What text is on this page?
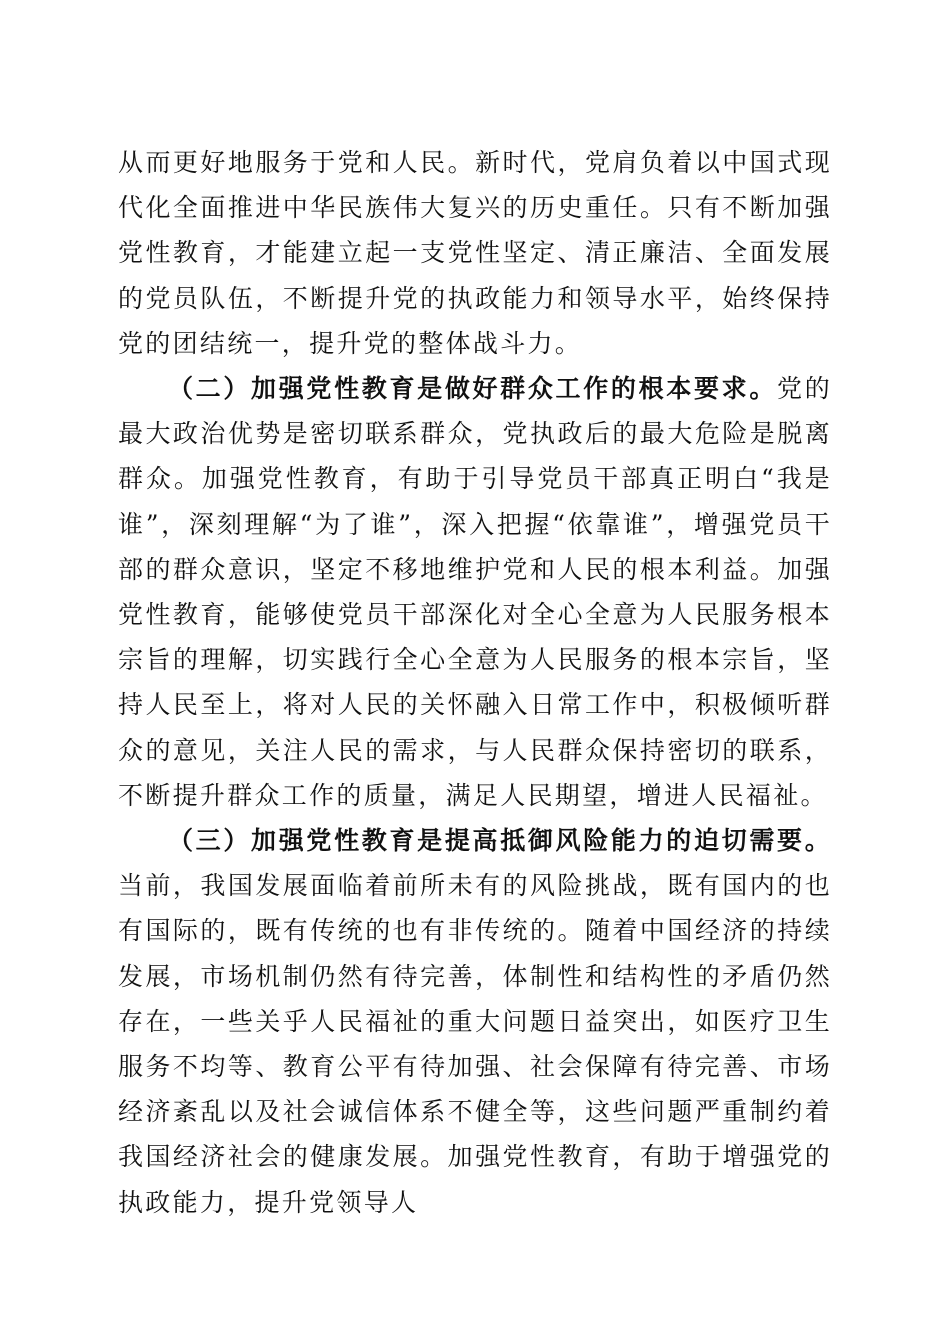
从而更好地服务于党和人民。新时代，党肩负着以中国式现代化全面推进中华民族伟大复兴的历史重任。只有不断加强党性教育，才能建立起一支党性坚定、清正廉洁、全面发展的党员队伍，不断提升党的执政能力和领导水平，始终保持党的团结统一，提升党的整体战斗力。

（二）加强党性教育是做好群众工作的根本要求。党的最大政治优势是密切联系群众，党执政后的最大危险是脱离群众。加强党性教育，有助于引导党员干部真正明白“我是谁”，深刻理解“为了谁”，深入把握“依靠谁”，增强党员干部的群众意识，坚定不移地维护党和人民的根本利益。加强党性教育，能够使党员干部深化对全心全意为人民服务根本宗旨的理解，切实践行全心全意为人民服务的根本宗旨，坚持人民至上，将对人民的关怀融入日常工作中，积极倾听群众的意见，关注人民的需求，与人民群众保持密切的联系，不断提升群众工作的质量，满足人民期望，增进人民福祉。

（三）加强党性教育是提高抵御风险能力的迫切需要。当前，我国发展面临着前所未有的风险挑战，既有国内的也有国际的，既有传统的也有非传统的。随着中国经济的持续发展，市场机制仍然有待完善，体制性和结构性的矛盾仍然存在，一些关乎人民福祉的重大问题日益突出，如医疗卫生服务不均等、教育公平有待加强、社会保障有待完善、市场经济紊乱以及社会诚信体系不健全等，这些问题严重制约着我国经济社会的健康发展。加强党性教育，有助于增强党的执政能力，提升党领导人
